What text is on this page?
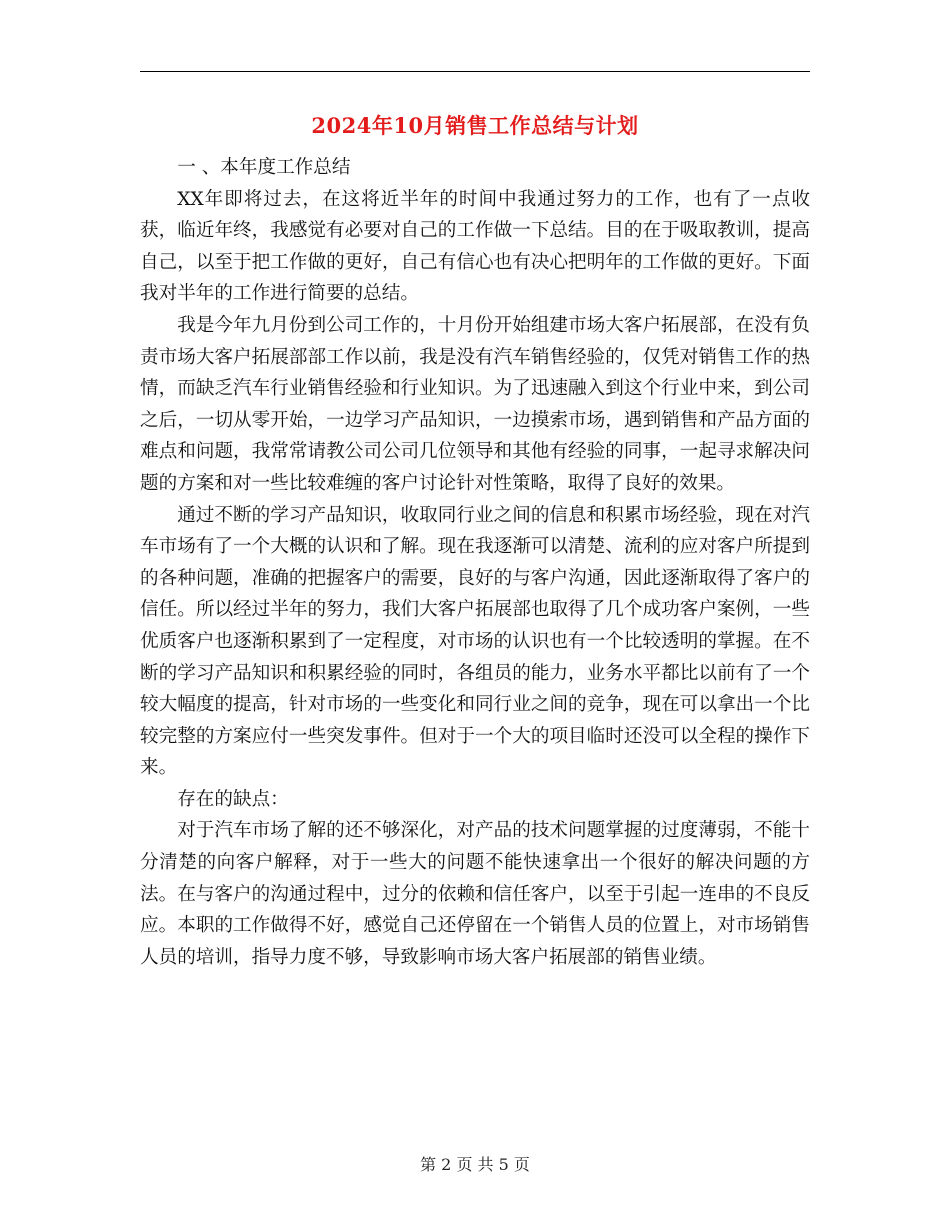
2024年10月销售工作总结与计划

一 、本年度工作总结

XX年即将过去，在这将近半年的时间中我通过努力的工作，也有了一点收获，临近年终，我感觉有必要对自己的工作做一下总结。目的在于吸取教训，提高自己，以至于把工作做的更好，自己有信心也有决心把明年的工作做的更好。下面我对半年的工作进行简要的总结。

我是今年九月份到公司工作的，十月份开始组建市场大客户拓展部，在没有负责市场大客户拓展部部工作以前，我是没有汽车销售经验的，仅凭对销售工作的热情，而缺乏汽车行业销售经验和行业知识。为了迅速融入到这个行业中来，到公司之后，一切从零开始，一边学习产品知识，一边摸索市场，遇到销售和产品方面的难点和问题，我常常请教公司公司几位领导和其他有经验的同事，一起寻求解决问题的方案和对一些比较难缠的客户讨论针对性策略，取得了良好的效果。

通过不断的学习产品知识，收取同行业之间的信息和积累市场经验，现在对汽车市场有了一个大概的认识和了解。现在我逐渐可以清楚、流利的应对客户所提到的各种问题，准确的把握客户的需要，良好的与客户沟通，因此逐渐取得了客户的信任。所以经过半年的努力，我们大客户拓展部也取得了几个成功客户案例，一些优质客户也逐渐积累到了一定程度，对市场的认识也有一个比较透明的掌握。在不断的学习产品知识和积累经验的同时，各组员的能力，业务水平都比以前有了一个较大幅度的提高，针对市场的一些变化和同行业之间的竞争，现在可以拿出一个比较完整的方案应付一些突发事件。但对于一个大的项目临时还没可以全程的操作下来。

存在的缺点：

对于汽车市场了解的还不够深化，对产品的技术问题掌握的过度薄弱，不能十分清楚的向客户解释，对于一些大的问题不能快速拿出一个很好的解决问题的方法。在与客户的沟通过程中，过分的依赖和信任客户，以至于引起一连串的不良反应。本职的工作做得不好，感觉自己还停留在一个销售人员的位置上，对市场销售人员的培训，指导力度不够，导致影响市场大客户拓展部的销售业绩。

第 2 页 共 5 页
